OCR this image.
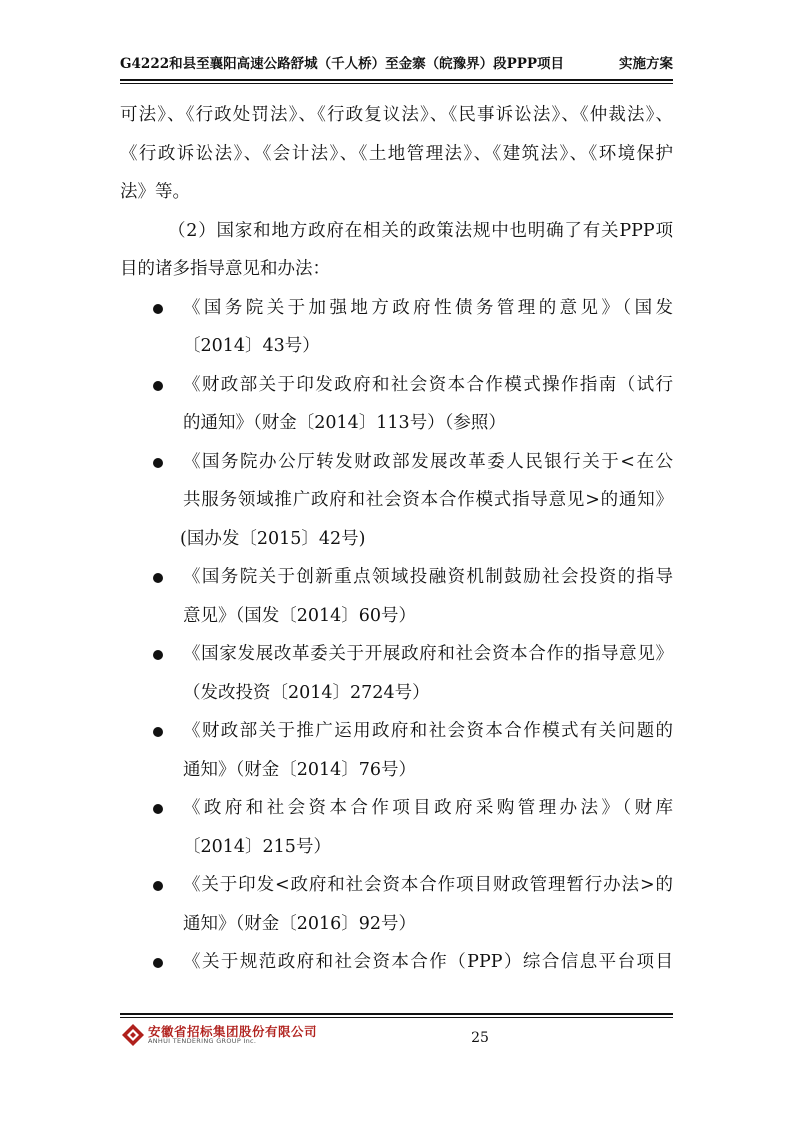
G4222和县至襄阳高速公路舒城（千人桥）至金寨（皖豫界）段PPP项目	实施方案
可法》、《行政处罚法》、《行政复议法》、《民事诉讼法》、《仲裁法》、
《行政诉讼法》、《会计法》、《土地管理法》、《建筑法》、《环境保护
法》等。
（2）国家和地方政府在相关的政策法规中也明确了有关PPP项
目的诸多指导意见和办法：
《国务院关于加强地方政府性债务管理的意见》（国发
〔2014〕43号）
《财政部关于印发政府和社会资本合作模式操作指南（试行
的通知》（财金〔2014〕113号）（参照）
《国务院办公厅转发财政部发展改革委人民银行关于<在公
共服务领域推广政府和社会资本合作模式指导意见>的通知》
(国办发〔2015〕42号)
《国务院关于创新重点领域投融资机制鼓励社会投资的指导
意见》（国发〔2014〕60号）
《国家发展改革委关于开展政府和社会资本合作的指导意见》
（发改投资〔2014〕2724号）
《财政部关于推广运用政府和社会资本合作模式有关问题的
通知》（财金〔2014〕76号）
《政府和社会资本合作项目政府采购管理办法》（财库
〔2014〕215号）
《关于印发<政府和社会资本合作项目财政管理暂行办法>的
通知》（财金〔2016〕92号）
《关于规范政府和社会资本合作（PPP）综合信息平台项目
安徽省招标集团股份有限公司
ANHUI TENDERING GROUP Inc.	25
